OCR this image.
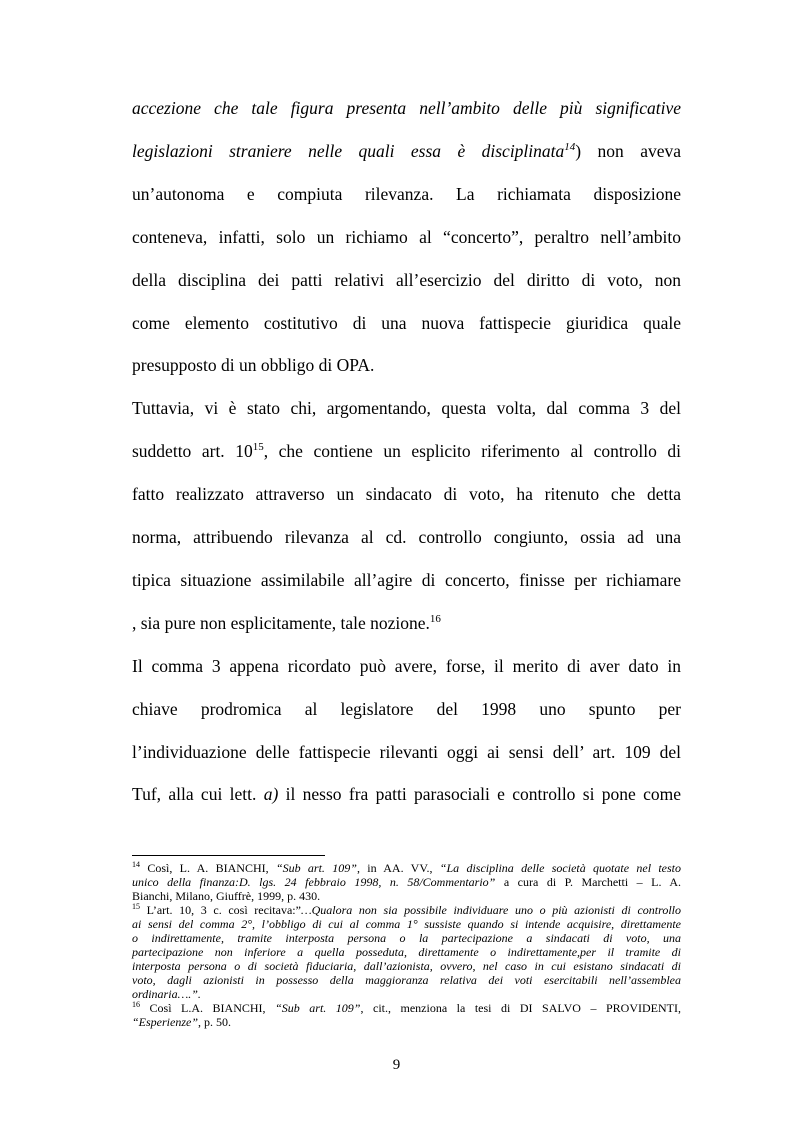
accezione che tale figura presenta nell’ambito delle più significative
legislazioni straniere nelle quali essa è disciplinata$^{14}$) non aveva
un’autonoma e compiuta rilevanza. La richiamata disposizione
conteneva, infatti, solo un richiamo al “concerto”, peraltro nell’ambito
della disciplina dei patti relativi all’esercizio del diritto di voto, non
come elemento costitutivo di una nuova fattispecie giuridica quale
presupposto di un obbligo di OPA.
Tuttavia, vi è stato chi, argomentando, questa volta, dal comma 3 del
suddetto art. $10^{15}$, che contiene un esplicito riferimento al controllo di
fatto realizzato attraverso un sindacato di voto, ha ritenuto che detta
norma, attribuendo rilevanza al cd. controllo congiunto, ossia ad una
tipica situazione assimilabile all’agire di concerto, finisse per richiamare
, sia pure non esplicitamente, tale nozione.$^{16}$
Il comma 3 appena ricordato può avere, forse, il merito di aver dato in
chiave prodromica al legislatore del 1998 uno spunto per
l’individuazione delle fattispecie rilevanti oggi ai sensi dell’ art. 109 del
Tuf, alla cui lett. a) il nesso fra patti parasociali e controllo si pone come
$^{14}$ Così, L. A. BIANCHI, “Sub art. 109”, in AA. VV., “La disciplina delle società quotate nel testo
unico della finanza:D. lgs. 24 febbraio 1998, n. 58/Commentario” a cura di P. Marchetti – L. A.
Bianchi, Milano, Giuffrè, 1999, p. 430.
$^{15}$ L’art. 10, 3 c. così recitava:”…Qualora non sia possibile individuare uno o più azionisti di controllo
ai sensi del comma 2°, l’obbligo di cui al comma 1° sussiste quando si intende acquisire, direttamente
o indirettamente, tramite interposta persona o la partecipazione a sindacati di voto, una
partecipazione non inferiore a quella posseduta, direttamente o indirettamente,per il tramite di
interposta persona o di società fiduciaria, dall’azionista, ovvero, nel caso in cui esistano sindacati di
voto, dagli azionisti in possesso della maggioranza relativa dei voti esercitabili nell’assemblea
ordinaria….”.
$^{16}$ Così L.A. BIANCHI, “Sub art. 109”, cit., menziona la tesi di DI SALVO – PROVIDENTI,
“Esperienze”, p. 50.
9
